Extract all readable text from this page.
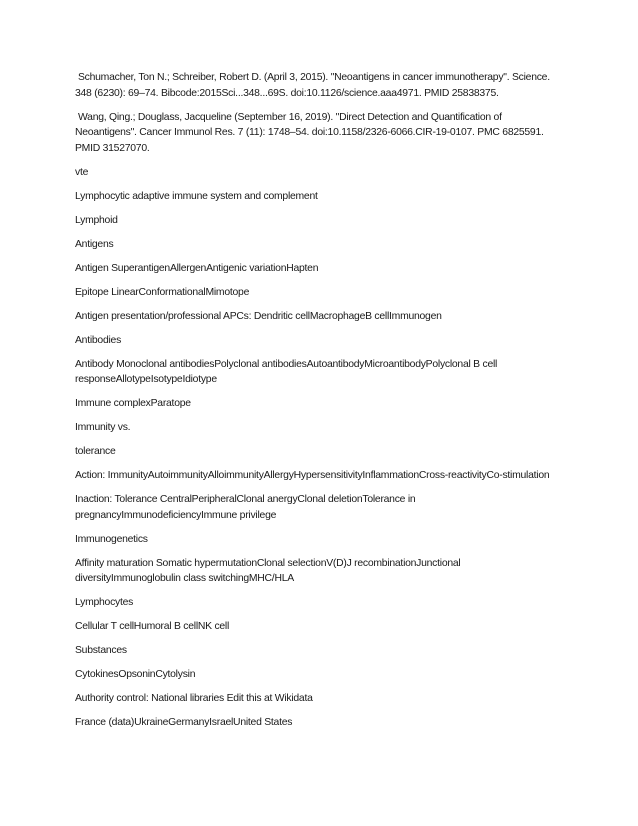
Schumacher, Ton N.; Schreiber, Robert D. (April 3, 2015). "Neoantigens in cancer immunotherapy". Science. 348 (6230): 69–74. Bibcode:2015Sci...348...69S. doi:10.1126/science.aaa4971. PMID 25838375.

Wang, Qing.; Douglass, Jacqueline (September 16, 2019). "Direct Detection and Quantification of Neoantigens". Cancer Immunol Res. 7 (11): 1748–54. doi:10.1158/2326-6066.CIR-19-0107. PMC 6825591. PMID 31527070.

vte

Lymphocytic adaptive immune system and complement

Lymphoid

Antigens

Antigen SuperantigenAllergenAntigenic variationHapten

Epitope LinearConformationalMimotope

Antigen presentation/professional APCs: Dendritic cellMacrophageB cellImmunogen

Antibodies

Antibody Monoclonal antibodiesPolyclonal antibodiesAutoantibodyMicroantibodyPolyclonal B cell responseAllotypeIsotypeIdiotype

Immune complexParatope

Immunity vs.

tolerance

Action: ImmunityAutoimmunityAlloimmunityAllergyHypersensitivityInflammationCross-reactivityCo-stimulation

Inaction: Tolerance CentralPeripheralClonal anergyClonal deletionTolerance in pregnancyImmunodeficiencyImmune privilege

Immunogenetics

Affinity maturation Somatic hypermutationClonal selectionV(D)J recombinationJunctional diversityImmunoglobulin class switchingMHC/HLA

Lymphocytes

Cellular T cellHumoral B cellNK cell

Substances

CytokinesOpsoninCytolysin

Authority control: National libraries Edit this at Wikidata

France (data)UkraineGermanyIsraelUnited States
